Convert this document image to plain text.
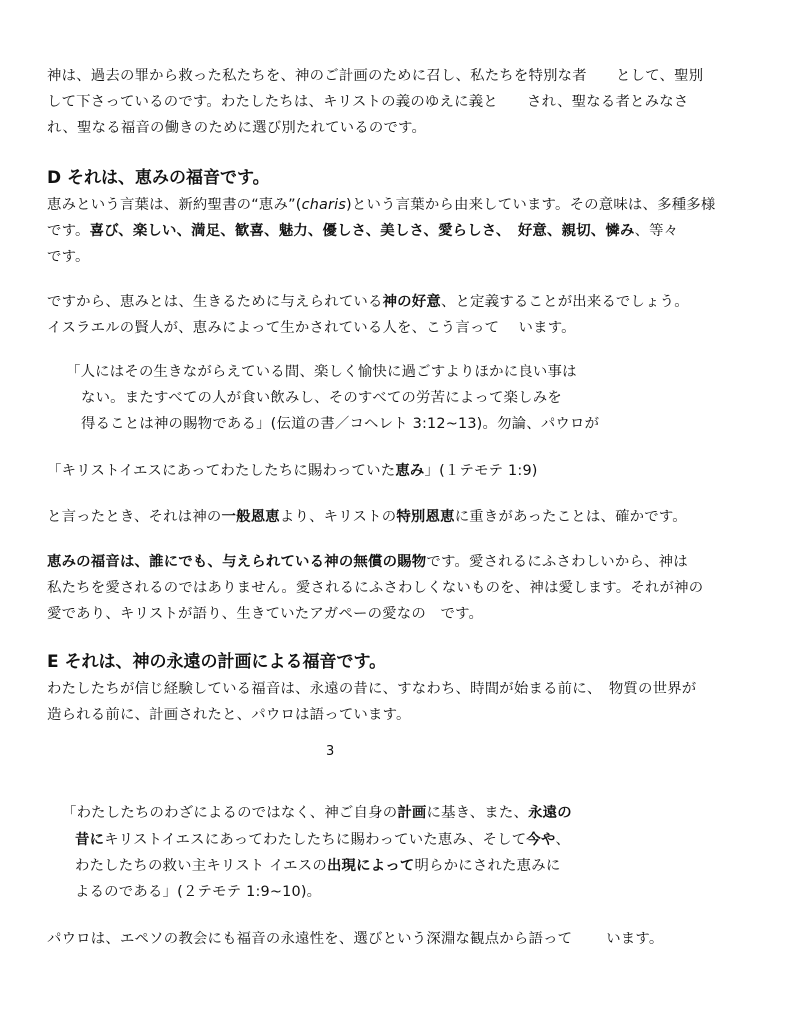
神は、過去の罪から救った私たちを、神のご計画のために召し、私たちを特別な者　　として、聖別

して下さっているのです。わたしたちは、キリストの義のゆえに義と　　され、聖なる者とみなさ

れ、聖なる福音の働きのために選び別たれているのです。

D それは、恵みの福音です。

恵みという言葉は、新約聖書の“恵み”(charis)という言葉から由来しています。その意味は、多種多様

です。喜び、楽しい、満足、歓喜、魅力、優しさ、美しさ、愛らしさ、　好意、親切、憐み、等々

です。

ですから、恵みとは、生きるために与えられている神の好意、と定義することが出来るでしょう。

イスラエルの賢人が、恵みによって生かされている人を、こう言って　 います。

「人にはその生きながらえている間、楽しく愉快に過ごすよりほかに良い事は

ない。またすべての人が食い飲みし、そのすべての労苦によって楽しみを

得ることは神の賜物である」(伝道の書／コヘレト 3:12~13)。勿論、パウロが

「キリストイエスにあってわたしたちに賜わっていた恵み」(１テモテ 1:9)

と言ったとき、それは神の一般恩恵より、キリストの特別恩恵に重きがあったことは、確かです。

恵みの福音は、誰にでも、与えられている神の無償の賜物です。愛されるにふさわしいから、神は

私たちを愛されるのではありません。愛されるにふさわしくないものを、神は愛します。それが神の

愛であり、キリストが語り、生きていたアガペーの愛なの　です。

E それは、神の永遠の計画による福音です。

わたしたちが信じ経験している福音は、永遠の昔に、すなわち、時間が始まる前に、　物質の世界が

造られる前に、計画されたと、パウロは語っています。

3

「わたしたちのわざによるのではなく、神ご自身の計画に基き、また、永遠の

昔にキリストイエスにあってわたしたちに賜わっていた恵み、そして今や、

わたしたちの救い主キリスト イエスの出現によって明らかにされた恵みに

よるのである」(２テモテ 1:9~10)。

パウロは、エペソの教会にも福音の永遠性を、選びという深淵な観点から語って　　 います。
